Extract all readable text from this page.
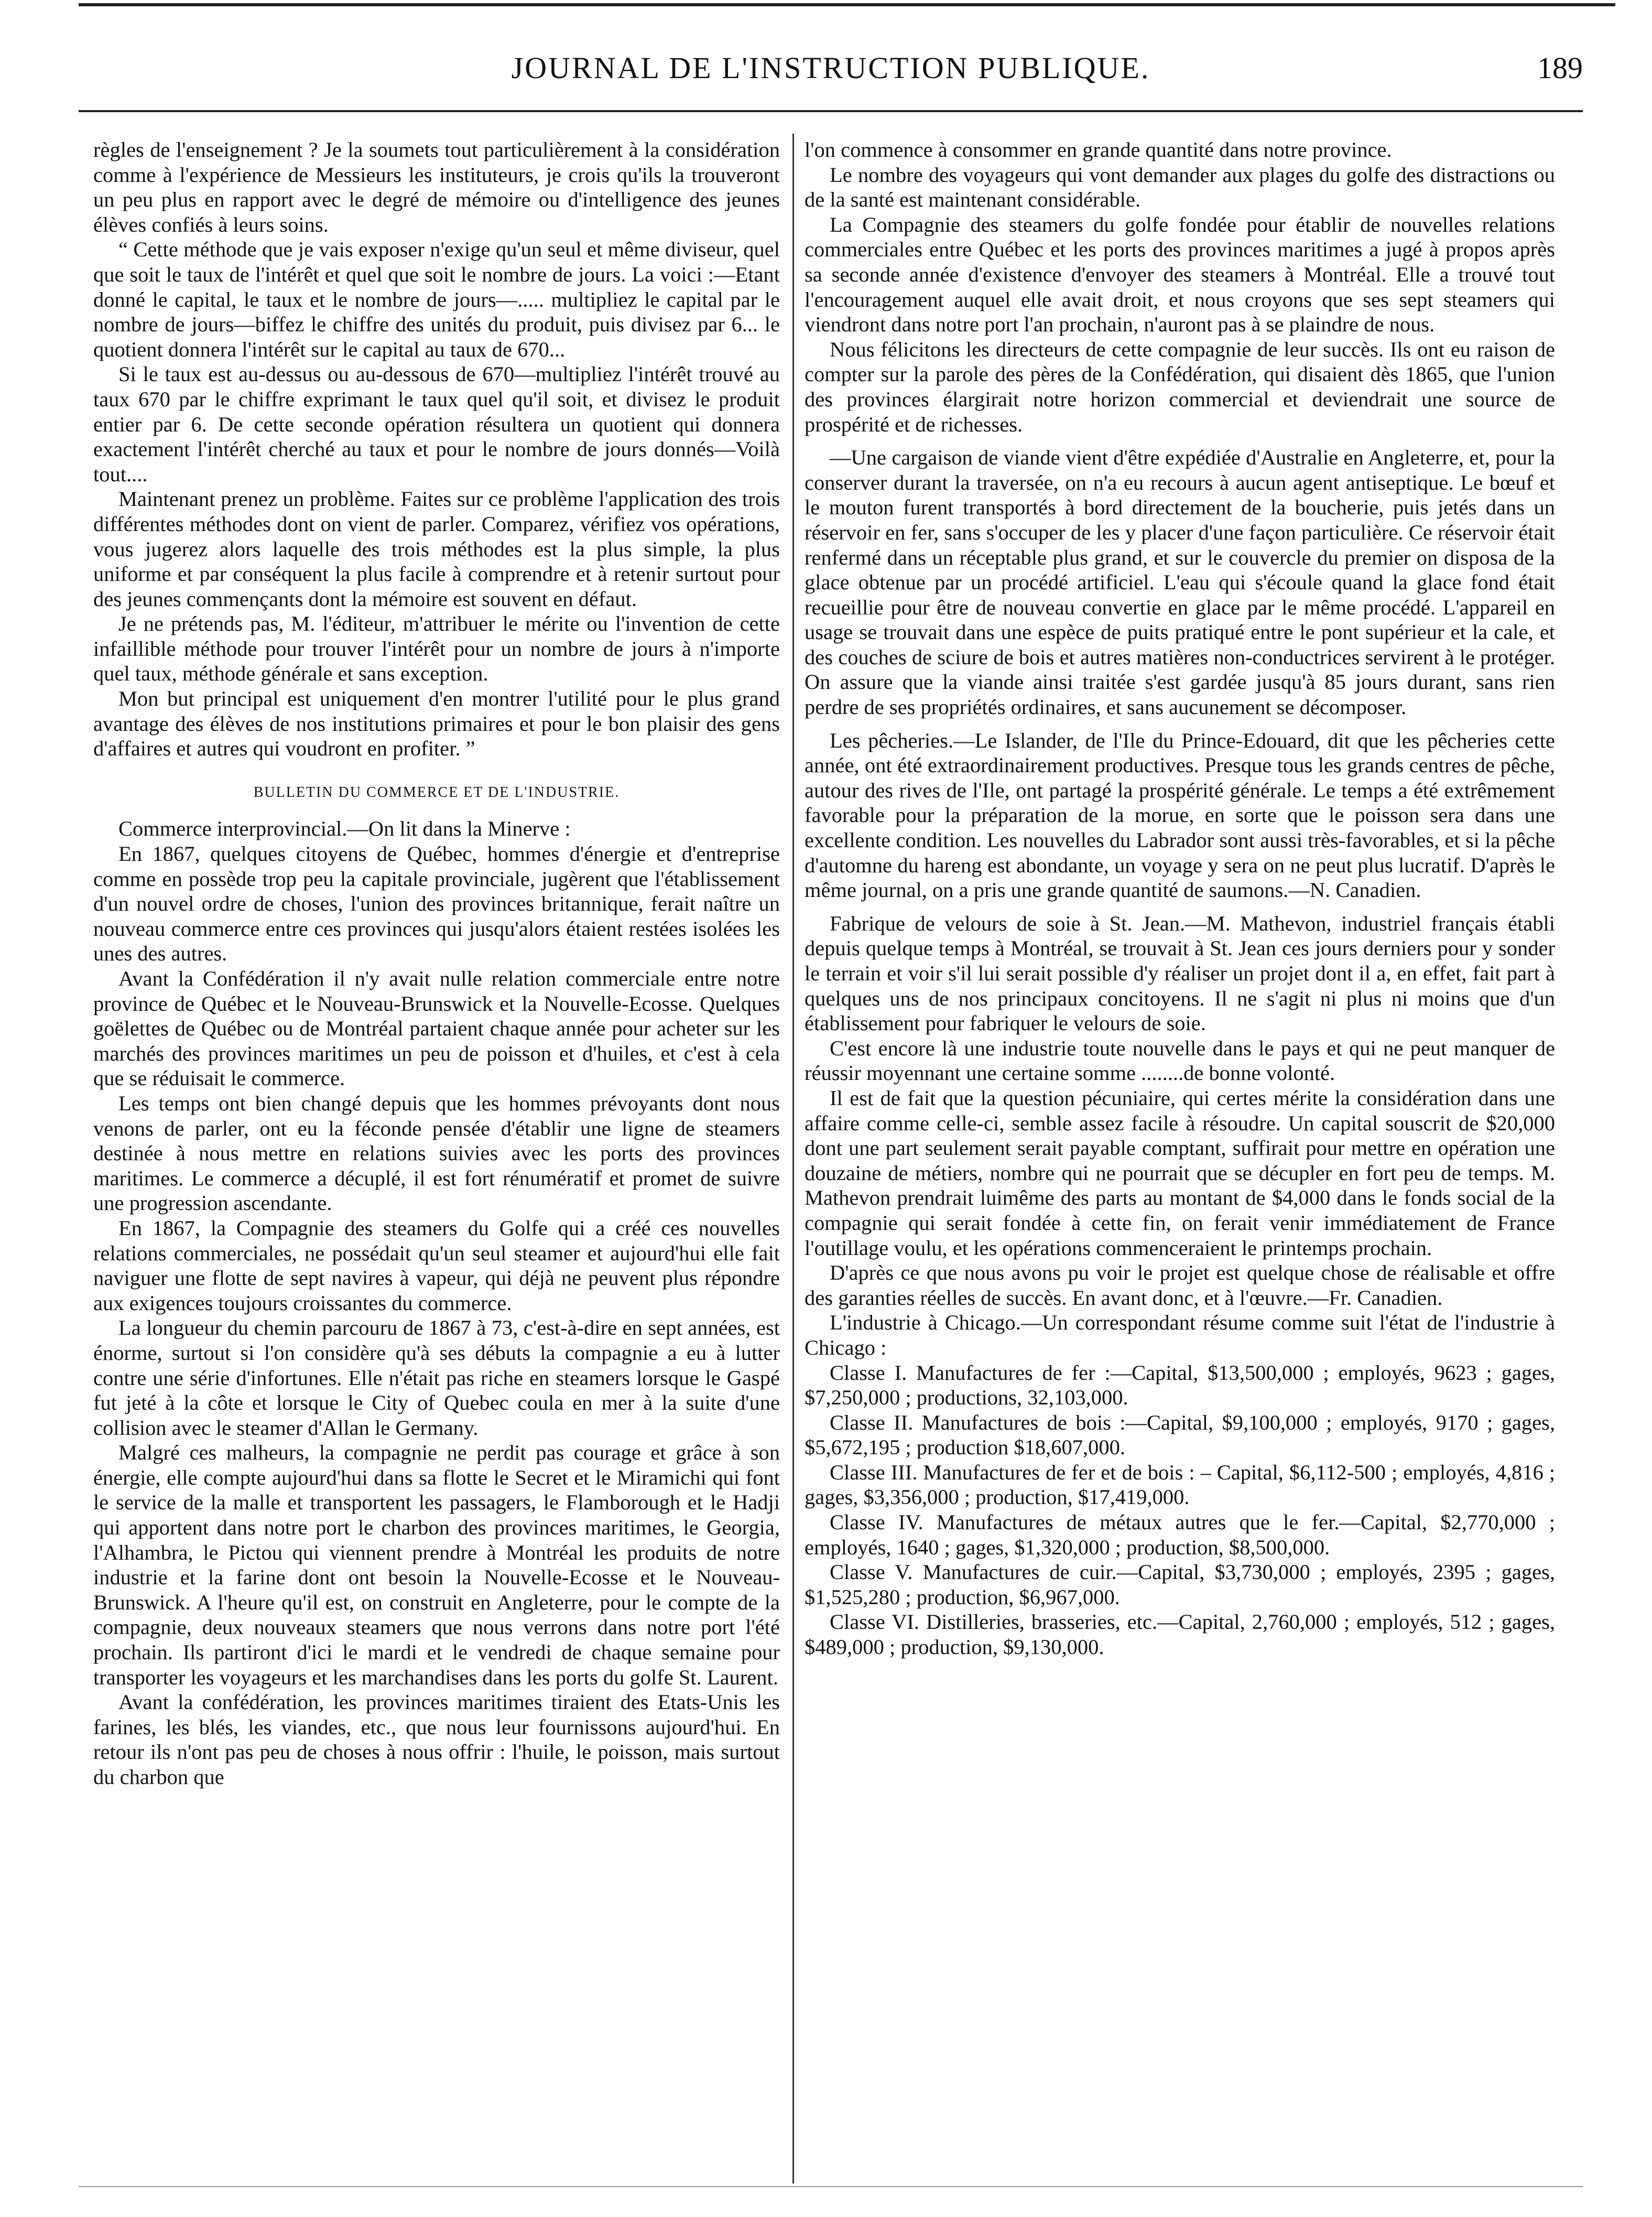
JOURNAL DE L'INSTRUCTION PUBLIQUE.	189

règles de l'enseignement ? Je la soumets tout particulièrement à la considération comme à l'expérience de Messieurs les instituteurs, je crois qu'ils la trouveront un peu plus en rapport avec le degré de mémoire ou d'intelligence des jeunes élèves confiés à leurs soins.

“ Cette méthode que je vais exposer n'exige qu'un seul et même diviseur, quel que soit le taux de l'intérêt et quel que soit le nombre de jours. La voici :—Etant donné le capital, le taux et le nombre de jours—..... multipliez le capital par le nombre de jours—biffez le chiffre des unités du produit, puis divisez par 6... le quotient donnera l'intérêt sur le capital au taux de 670...

Si le taux est au-dessus ou au-dessous de 670—multipliez l'intérêt trouvé au taux 670 par le chiffre exprimant le taux quel qu'il soit, et divisez le produit entier par 6. De cette seconde opération résultera un quotient qui donnera exactement l'intérêt cherché au taux et pour le nombre de jours donnés—Voilà tout....

Maintenant prenez un problème. Faites sur ce problème l'application des trois différentes méthodes dont on vient de parler. Comparez, vérifiez vos opérations, vous jugerez alors laquelle des trois méthodes est la plus simple, la plus uniforme et par conséquent la plus facile à comprendre et à retenir surtout pour des jeunes commençants dont la mémoire est souvent en défaut.

Je ne prétends pas, M. l'éditeur, m'attribuer le mérite ou l'invention de cette infaillible méthode pour trouver l'intérêt pour un nombre de jours à n'importe quel taux, méthode générale et sans exception.

Mon but principal est uniquement d'en montrer l'utilité pour le plus grand avantage des élèves de nos institutions primaires et pour le bon plaisir des gens d'affaires et autres qui voudront en profiter. ”

BULLETIN DU COMMERCE ET DE L'INDUSTRIE.

Commerce interprovincial.—On lit dans la Minerve :

En 1867, quelques citoyens de Québec, hommes d'énergie et d'entreprise comme en possède trop peu la capitale provinciale, jugèrent que l'établissement d'un nouvel ordre de choses, l'union des provinces britannique, ferait naître un nouveau commerce entre ces provinces qui jusqu'alors étaient restées isolées les unes des autres.

Avant la Confédération il n'y avait nulle relation commerciale entre notre province de Québec et le Nouveau-Brunswick et la Nouvelle-Ecosse. Quelques goëlettes de Québec ou de Montréal partaient chaque année pour acheter sur les marchés des provinces maritimes un peu de poisson et d'huiles, et c'est à cela que se réduisait le commerce.

Les temps ont bien changé depuis que les hommes prévoyants dont nous venons de parler, ont eu la féconde pensée d'établir une ligne de steamers destinée à nous mettre en relations suivies avec les ports des provinces maritimes. Le commerce a décuplé, il est fort rénumératif et promet de suivre une progression ascendante.

En 1867, la Compagnie des steamers du Golfe qui a créé ces nouvelles relations commerciales, ne possédait qu'un seul steamer et aujourd'hui elle fait naviguer une flotte de sept navires à vapeur, qui déjà ne peuvent plus répondre aux exigences toujours croissantes du commerce.

La longueur du chemin parcouru de 1867 à 73, c'est-à-dire en sept années, est énorme, surtout si l'on considère qu'à ses débuts la compagnie a eu à lutter contre une série d'infortunes. Elle n'était pas riche en steamers lorsque le Gaspé fut jeté à la côte et lorsque le City of Quebec coula en mer à la suite d'une collision avec le steamer d'Allan le Germany.

Malgré ces malheurs, la compagnie ne perdit pas courage et grâce à son énergie, elle compte aujourd'hui dans sa flotte le Secret et le Miramichi qui font le service de la malle et transportent les passagers, le Flamborough et le Hadji qui apportent dans notre port le charbon des provinces maritimes, le Georgia, l'Alhambra, le Pictou qui viennent prendre à Montréal les produits de notre industrie et la farine dont ont besoin la Nouvelle-Ecosse et le Nouveau-Brunswick. A l'heure qu'il est, on construit en Angleterre, pour le compte de la compagnie, deux nouveaux steamers que nous verrons dans notre port l'été prochain. Ils partiront d'ici le mardi et le vendredi de chaque semaine pour transporter les voyageurs et les marchandises dans les ports du golfe St. Laurent.

Avant la confédération, les provinces maritimes tiraient des Etats-Unis les farines, les blés, les viandes, etc., que nous leur fournissons aujourd'hui. En retour ils n'ont pas peu de choses à nous offrir : l'huile, le poisson, mais surtout du charbon que

l'on commence à consommer en grande quantité dans notre province.

Le nombre des voyageurs qui vont demander aux plages du golfe des distractions ou de la santé est maintenant considérable.

La Compagnie des steamers du golfe fondée pour établir de nouvelles relations commerciales entre Québec et les ports des provinces maritimes a jugé à propos après sa seconde année d'existence d'envoyer des steamers à Montréal. Elle a trouvé tout l'encouragement auquel elle avait droit, et nous croyons que ses sept steamers qui viendront dans notre port l'an prochain, n'auront pas à se plaindre de nous.

Nous félicitons les directeurs de cette compagnie de leur succès. Ils ont eu raison de compter sur la parole des pères de la Confédération, qui disaient dès 1865, que l'union des provinces élargirait notre horizon commercial et deviendrait une source de prospérité et de richesses.

—Une cargaison de viande vient d'être expédiée d'Australie en Angleterre, et, pour la conserver durant la traversée, on n'a eu recours à aucun agent antiseptique. Le bœuf et le mouton furent transportés à bord directement de la boucherie, puis jetés dans un réservoir en fer, sans s'occuper de les y placer d'une façon particulière. Ce réservoir était renfermé dans un réceptable plus grand, et sur le couvercle du premier on disposa de la glace obtenue par un procédé artificiel. L'eau qui s'écoule quand la glace fond était recueillie pour être de nouveau convertie en glace par le même procédé. L'appareil en usage se trouvait dans une espèce de puits pratiqué entre le pont supérieur et la cale, et des couches de sciure de bois et autres matières non-conductrices servirent à le protéger. On assure que la viande ainsi traitée s'est gardée jusqu'à 85 jours durant, sans rien perdre de ses propriétés ordinaires, et sans aucunement se décomposer.

Les pêcheries.—Le Islander, de l'Ile du Prince-Edouard, dit que les pêcheries cette année, ont été extraordinairement productives. Presque tous les grands centres de pêche, autour des rives de l'Ile, ont partagé la prospérité générale. Le temps a été extrêmement favorable pour la préparation de la morue, en sorte que le poisson sera dans une excellente condition. Les nouvelles du Labrador sont aussi très-favorables, et si la pêche d'automne du hareng est abondante, un voyage y sera on ne peut plus lucratif. D'après le même journal, on a pris une grande quantité de saumons.—N. Canadien.

Fabrique de velours de soie à St. Jean.—M. Mathevon, industriel français établi depuis quelque temps à Montréal, se trouvait à St. Jean ces jours derniers pour y sonder le terrain et voir s'il lui serait possible d'y réaliser un projet dont il a, en effet, fait part à quelques uns de nos principaux concitoyens. Il ne s'agit ni plus ni moins que d'un établissement pour fabriquer le velours de soie.

C'est encore là une industrie toute nouvelle dans le pays et qui ne peut manquer de réussir moyennant une certaine somme ........de bonne volonté.

Il est de fait que la question pécuniaire, qui certes mérite la considération dans une affaire comme celle-ci, semble assez facile à résoudre. Un capital souscrit de $20,000 dont une part seulement serait payable comptant, suffirait pour mettre en opération une douzaine de métiers, nombre qui ne pourrait que se décupler en fort peu de temps. M. Mathevon prendrait luimême des parts au montant de $4,000 dans le fonds social de la compagnie qui serait fondée à cette fin, on ferait venir immédiatement de France l'outillage voulu, et les opérations commenceraient le printemps prochain.

D'après ce que nous avons pu voir le projet est quelque chose de réalisable et offre des garanties réelles de succès. En avant donc, et à l'œuvre.—Fr. Canadien.

L'industrie à Chicago.—Un correspondant résume comme suit l'état de l'industrie à Chicago :

Classe I. Manufactures de fer :—Capital, $13,500,000 ; employés, 9623 ; gages, $7,250,000 ; productions, 32,103,000.

Classe II. Manufactures de bois :—Capital, $9,100,000 ; employés, 9170 ; gages, $5,672,195 ; production $18,607,000.

Classe III. Manufactures de fer et de bois : – Capital, $6,112-500 ; employés, 4,816 ; gages, $3,356,000 ; production, $17,419,000.

Classe IV. Manufactures de métaux autres que le fer.—Capital, $2,770,000 ; employés, 1640 ; gages, $1,320,000 ; production, $8,500,000.

Classe V. Manufactures de cuir.—Capital, $3,730,000 ; employés, 2395 ; gages, $1,525,280 ; production, $6,967,000.

Classe VI. Distilleries, brasseries, etc.—Capital, 2,760,000 ; employés, 512 ; gages, $489,000 ; production, $9,130,000.
